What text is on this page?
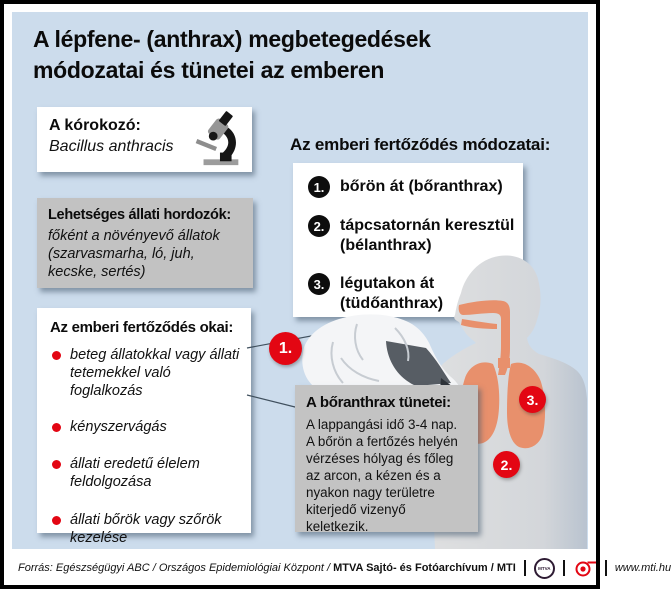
A lépfene- (anthrax) megbetegedések
módozatai és tünetei az emberen
A kórokozó:
Bacillus anthracis
Lehetséges állati hordozók:
főként a növényevő állatok (szarvasmarha, ló, juh, kecske, sertés)
Az emberi fertőződés okai:
beteg állatokkal vagy állati tetemekkel való foglalkozás
kényszervágás
állati eredetű élelem feldolgozása
állati bőrök vagy szőrök kezelése
Az emberi fertőződés módozatai:
1. bőrön át (bőranthrax)
2. tápcsatornán keresztül (bélanthrax)
3. légutakon át (tüdőanthrax)
A bőranthrax tünetei:
A lappangási idő 3-4 nap. A bőrön a fertőzés helyén vérzéses hólyag és főleg az arcon, a kézen és a nyakon nagy területre kiterjedő vizenyő keletkezik.
1.
2.
3.
Forrás: Egészségügyi ABC / Országos Epidemiológiai Központ / MTVA Sajtó- és Fotóarchívum / MTI	MTVA	www.mti.hu
